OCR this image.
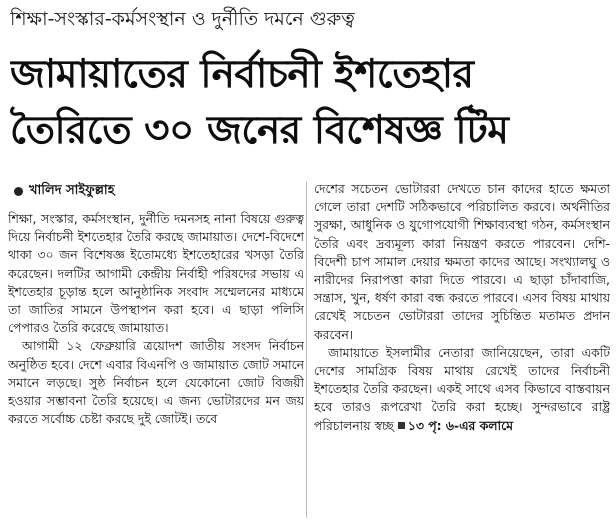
শিক্ষা-সংস্কার-কর্মসংস্থান ও দুর্নীতি দমনে গুরুত্ব
জামায়াতের নির্বাচনী ইশতেহার
তৈরিতে ৩০ জনের বিশেষজ্ঞ টিম
খালিদ সাইফুল্লাহ

শিক্ষা, সংস্কার, কর্মসংস্থান, দুর্নীতি দমনসহ নানা বিষয়ে গুরুত্ব দিয়ে নির্বাচনী ইশতেহার তৈরি করছে জামায়াত। দেশে-বিদেশে থাকা ৩০ জন বিশেষজ্ঞ ইতোমধ্যে ইশতেহারের খসড়া তৈরি করেছেন। দলটির আগামী কেন্দ্রীয় নির্বাহী পরিষদের সভায় এ ইশতেহার চূড়ান্ত হলে আনুষ্ঠানিক সংবাদ সম্মেলনের মাধ্যমে তা জাতির সামনে উপস্থাপন করা হবে। এ ছাড়া পলিসি পেপারও তৈরি করেছে জামায়াত।

আগামী ১২ ফেব্রুয়ারি ত্রয়োদশ জাতীয় সংসদ নির্বাচন অনুষ্ঠিত হবে। দেশে এবার বিএনপি ও জামায়াত জোট সমানে সমানে লড়ছে। সুষ্ঠ নির্বাচন হলে যেকোনো জোট বিজয়ী হওয়ার সম্ভাবনা তৈরি হয়েছে। এ জন্য ভোটারদের মন জয় করতে সর্বোচ্চ চেষ্টা করছে দুই জোটই। তবে

দেশের সচেতন ভোটাররা দেখতে চান কাদের হাতে ক্ষমতা গেলে তারা দেশটি সঠিকভাবে পরিচালিত করবে। অর্থনীতির সুরক্ষা, আধুনিক ও যুগোপযোগী শিক্ষাব্যবস্থা গঠন, কর্মসংস্থান তৈরি এবং দ্রব্যমূল্য কারা নিয়ন্ত্রণ করতে পারবেন। দেশি-বিদেশী চাপ সামাল দেয়ার ক্ষমতা কাদের আছে। সংখ্যালঘু ও নারীদের নিরাপত্তা কারা দিতে পারবে। এ ছাড়া চাঁদাবাজি, সন্ত্রাস, খুন, ধর্ষণ কারা বন্ধ করতে পারবে। এসব বিষয় মাথায় রেখেই সচেতন ভোটাররা তাদের সুচিন্তিত মতামত প্রদান করবেন।

জামায়াতে ইসলামীর নেতারা জানিয়েছেন, তারা একটি দেশের সামগ্রিক বিষয় মাথায় রেখেই তাদের নির্বাচনী ইশতেহার তৈরি করছেন। একই সাথে এসব কিভাবে বাস্তবায়ন হবে তারও রূপরেখা তৈরি করা হচ্ছে। সুন্দরভাবে রাষ্ট্র পরিচালনায় স্বচ্ছ ১৩ পৃ: ৬-এর কলামে
